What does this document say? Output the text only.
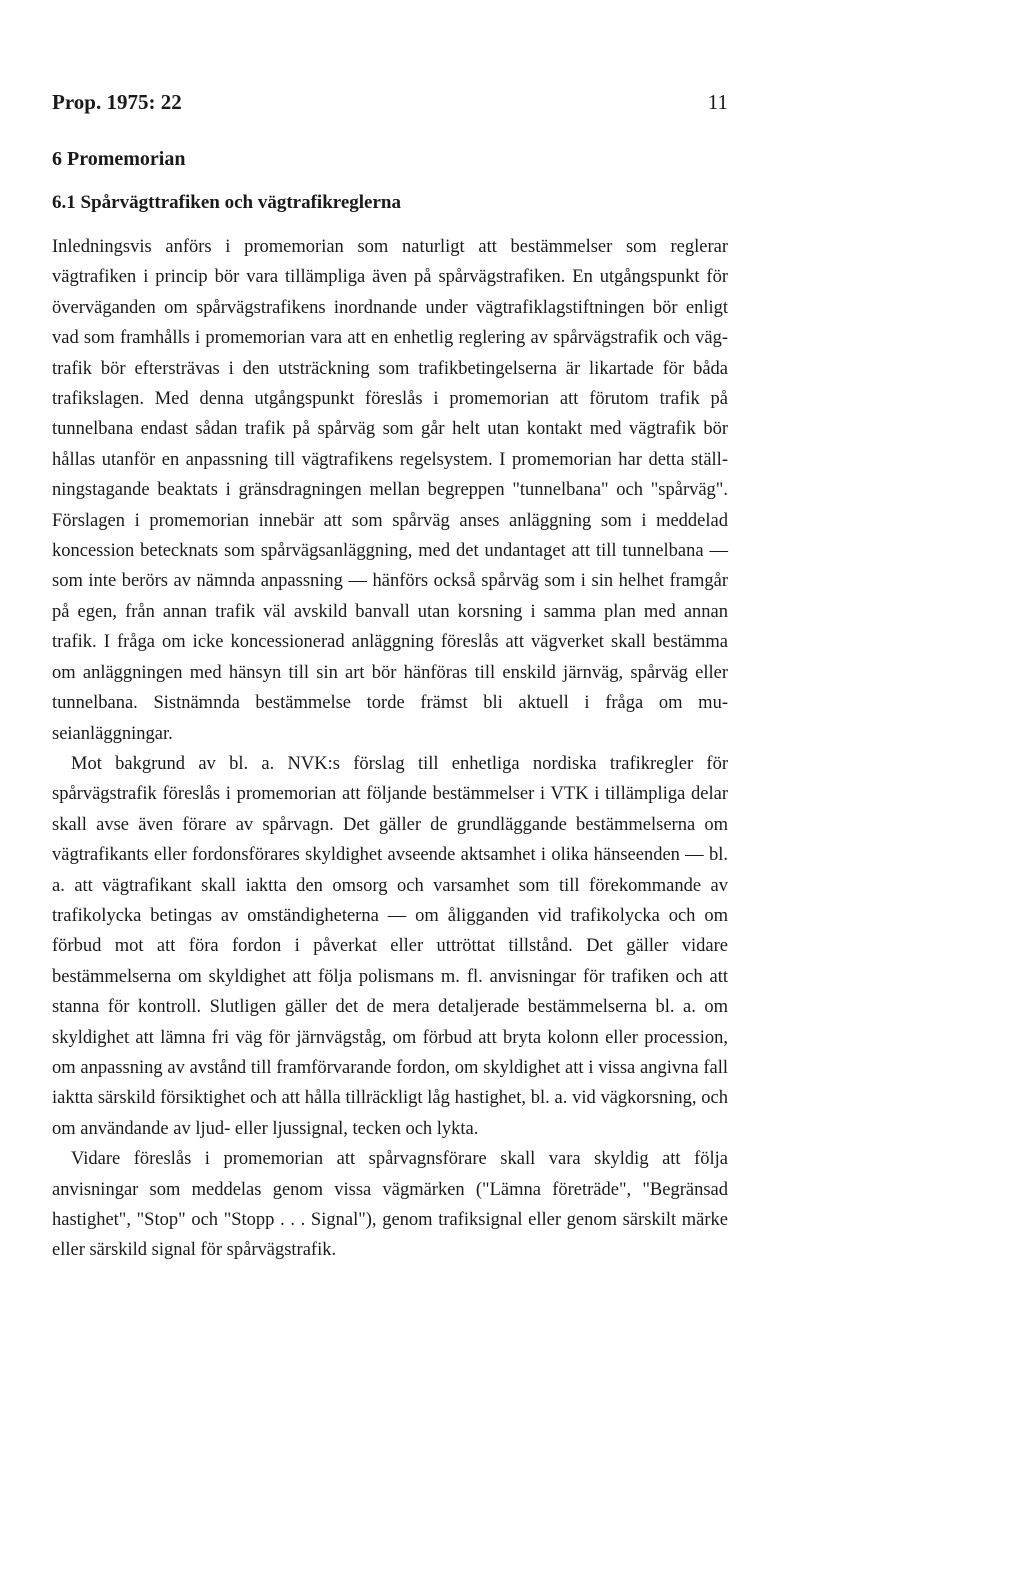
Prop. 1975: 22	11
6 Promemorian
6.1 Spårvägttrafiken och vägtrafikreglerna

Inledningsvis anförs i promemorian som naturligt att bestämmelser som reglerar vägtrafiken i princip bör vara tillämpliga även på spårvägstrafiken. En utgångspunkt för överväganden om spårvägstrafikens inordnande under vägtrafiklagstiftningen bör enligt vad som framhålls i promemorian vara att en enhetlig reglering av spårvägstrafik och vägtrafik bör eftersträvas i den utsträckning som trafikbetingelserna är likartade för båda trafikslagen. Med denna utgångspunkt föreslås i promemorian att förutom trafik på tunnelbana endast sådan trafik på spårväg som går helt utan kontakt med vägtrafik bör hållas utanför en anpassning till vägtrafikens regelsystem. I promemorian har detta ställningstagande beaktats i gränsdragningen mellan begreppen "tunnelbana" och "spårväg". Förslagen i promemorian innebär att som spårväg anses anläggning som i meddelad koncession betecknats som spårvägsanläggning, med det undantaget att till tunnelbana — som inte berörs av nämnda anpassning — hänförs också spårväg som i sin helhet framgår på egen, från annan trafik väl avskild banvall utan korsning i samma plan med annan trafik. I fråga om icke koncessionerad anläggning föreslås att vägverket skall bestämma om anläggningen med hänsyn till sin art bör hänföras till enskild järnväg, spårväg eller tunnelbana. Sistnämnda bestämmelse torde främst bli aktuell i fråga om museianläggningar.

Mot bakgrund av bl. a. NVK:s förslag till enhetliga nordiska trafikregler för spårvägstrafik föreslås i promemorian att följande bestämmelser i VTK i tillämpliga delar skall avse även förare av spårvagn. Det gäller de grundläggande bestämmelserna om vägtrafikants eller fordonsförares skyldighet avseende aktsamhet i olika hänseenden — bl. a. att vägtrafikant skall iaktta den omsorg och varsamhet som till förekommande av trafikolycka betingas av omständigheterna — om åligganden vid trafikolycka och om förbud mot att föra fordon i påverkat eller uttröttat tillstånd. Det gäller vidare bestämmelserna om skyldighet att följa polismans m. fl. anvisningar för trafiken och att stanna för kontroll. Slutligen gäller det de mera detaljerade bestämmelserna bl. a. om skyldighet att lämna fri väg för järnvägståg, om förbud att bryta kolonn eller procession, om anpassning av avstånd till framförvarande fordon, om skyldighet att i vissa angivna fall iaktta särskild försiktighet och att hålla tillräckligt låg hastighet, bl. a. vid vägkorsning, och om användande av ljud- eller ljussignal, tecken och lykta.

Vidare föreslås i promemorian att spårvagnsförare skall vara skyldig att följa anvisningar som meddelas genom vissa vägmärken ("Lämna företräde", "Begränsad hastighet", "Stop" och "Stopp . . . Signal"), genom trafiksignal eller genom särskilt märke eller särskild signal för spårvägstrafik.
